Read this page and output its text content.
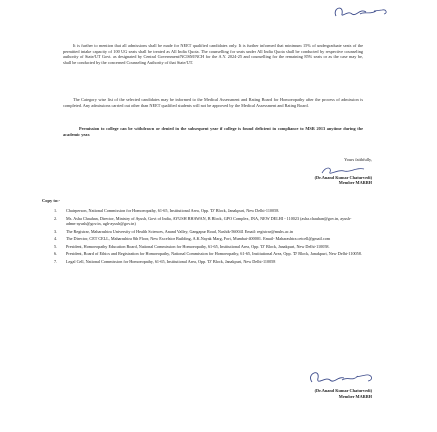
It is further to mention that all admissions shall be made for NEET qualified candidates only. It is further informed that minimum 15% of undergraduate seats of the permitted intake capacity of 100 UG seats shall be treated as All India Quota. The counselling for seats under All India Quota shall be conducted by respective counseling authority of State/UT Govt. as designated by Central Government/NCISM/NCH for the A.Y. 2024-25 and counselling for the remaining 85% seats or as the case may be, shall be conducted by the concerned Counseling Authority of that State/UT.
The Category wise list of the selected candidates may be informed to the Medical Assessment and Rating Board for Homoeopathy after the process of admission is completed. Any admissions carried out other than NEET qualified students will not be approved by the Medical Assessment and Rating Board.
Permission to college can be withdrawn or denied in the subsequent year if college is found deficient in compliance to MSR 2013 anytime during the academic year.
Yours faithfully,
(Dr.Anand Kumar Chaturvedi)
Member MARBH
Copy to:-
1.	Chairperson, National Commission for Homoeopathy, 61-65, Institutional Area, Opp. 'D' Block, Janakpuri, New Delhi-110058.
2.	Ms. Asha Chauhan, Director, Ministry of Ayush, Govt of India, AYUSH BHAWAN, B Block, GPO Complex, INA, NEW DELHI - 110023 (asha.chauhan@gov.in, ayush-admn-ayush@gov.in, ugh-ayush@gov.in)
3.	The Registrar, Maharashtra University of Health Sciences, Anand Valley, Gangapur Road, Nashik-560041 Email: registrar@muhs.ac.in
4.	The Director, CET CELL, Maharashtra 8th Floor, New Excelsior Building, A.K.Nayak Marg, Fort, Mumbai-400001. Email- Maharashtra.cetcell@gmail.com
5.	President, Homoeopathy Education Board, National Commission for Homoeopathy, 61-65, Institutional Area, Opp. 'D' Block, Janakpuri, New Delhi-110058.
6.	President, Board of Ethics and Registration for Homoeopathy, National Commission for Homoeopathy, 61-65, Institutional Area, Opp. 'D' Block, Janakpuri, New Delhi-110058.
7.	Legal Cell, National Commission for Homoeopathy, 61-65, Institutional Area, Opp. 'D' Block, Janakpuri, New Delhi-110058
(Dr.Anand Kumar Chaturvedi)
Member MARBH
